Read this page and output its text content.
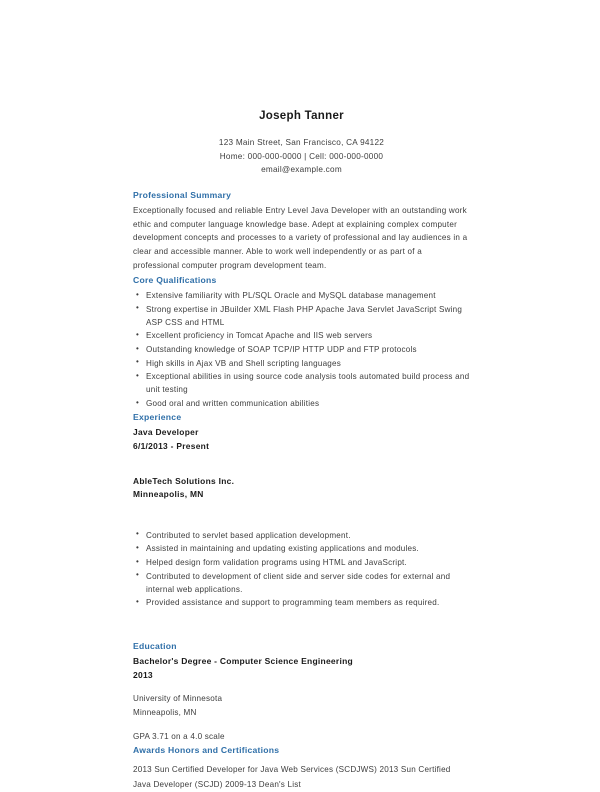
Joseph Tanner
123 Main Street, San Francisco, CA 94122
Home: 000-000-0000 | Cell: 000-000-0000
email@example.com
Professional Summary

Exceptionally focused and reliable Entry Level Java Developer with an outstanding work ethic and computer language knowledge base. Adept at explaining complex computer development concepts and processes to a variety of professional and lay audiences in a clear and accessible manner. Able to work well independently or as part of a professional computer program development team.

Core Qualifications
• Extensive familiarity with PL/SQL Oracle and MySQL database management
• Strong expertise in JBuilder XML Flash PHP Apache Java Servlet JavaScript Swing ASP CSS and HTML
• Excellent proficiency in Tomcat Apache and IIS web servers
• Outstanding knowledge of SOAP TCP/IP HTTP UDP and FTP protocols
• High skills in Ajax VB and Shell scripting languages
• Exceptional abilities in using source code analysis tools automated build process and unit testing
• Good oral and written communication abilities
Experience
Java Developer
6/1/2013 - Present
AbleTech Solutions Inc.
Minneapolis, MN
• Contributed to servlet based application development.
• Assisted in maintaining and updating existing applications and modules.
• Helped design form validation programs using HTML and JavaScript.
• Contributed to development of client side and server side codes for external and internal web applications.
• Provided assistance and support to programming team members as required.
Education
Bachelor's Degree - Computer Science Engineering
2013
University of Minnesota
Minneapolis, MN
GPA 3.71 on a 4.0 scale
Awards Honors and Certifications

2013 Sun Certified Developer for Java Web Services (SCDJWS) 2013 Sun Certified Java Developer (SCJD) 2009-13 Dean's List
